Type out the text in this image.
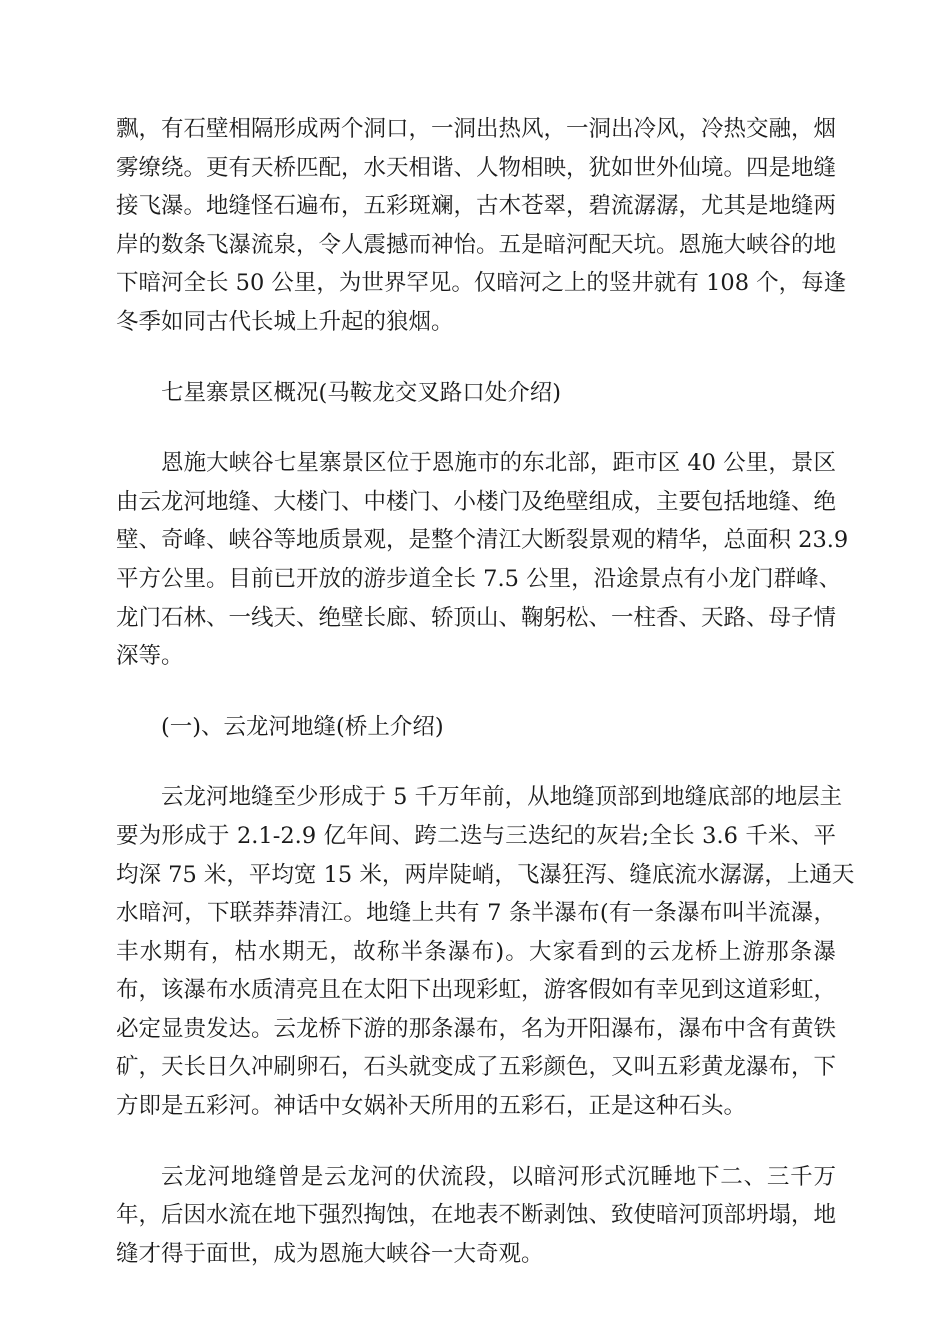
飘，有石壁相隔形成两个洞口，一洞出热风，一洞出冷风，冷热交融，烟
雾缭绕。更有天桥匹配，水天相谐、人物相映，犹如世外仙境。四是地缝
接飞瀑。地缝怪石遍布，五彩斑斓，古木苍翠，碧流潺潺，尤其是地缝两
岸的数条飞瀑流泉，令人震撼而神怡。五是暗河配天坑。恩施大峡谷的地
下暗河全长 50 公里，为世界罕见。仅暗河之上的竖井就有 108 个，每逢
冬季如同古代长城上升起的狼烟。

七星寨景区概况(马鞍龙交叉路口处介绍)

恩施大峡谷七星寨景区位于恩施市的东北部，距市区 40 公里，景区
由云龙河地缝、大楼门、中楼门、小楼门及绝壁组成，主要包括地缝、绝
壁、奇峰、峡谷等地质景观，是整个清江大断裂景观的精华，总面积 23.9
平方公里。目前已开放的游步道全长 7.5 公里，沿途景点有小龙门群峰、
龙门石林、一线天、绝壁长廊、轿顶山、鞠躬松、一柱香、天路、母子情
深等。

(一)、云龙河地缝(桥上介绍)

云龙河地缝至少形成于 5 千万年前，从地缝顶部到地缝底部的地层主
要为形成于 2.1-2.9 亿年间、跨二迭与三迭纪的灰岩;全长 3.6 千米、平
均深 75 米，平均宽 15 米，两岸陡峭，飞瀑狂泻、缝底流水潺潺，上通天
水暗河，下联莽莽清江。地缝上共有 7 条半瀑布(有一条瀑布叫半流瀑，
丰水期有，枯水期无，故称半条瀑布)。大家看到的云龙桥上游那条瀑
布，该瀑布水质清亮且在太阳下出现彩虹，游客假如有幸见到这道彩虹，
必定显贵发达。云龙桥下游的那条瀑布，名为开阳瀑布，瀑布中含有黄铁
矿，天长日久冲刷卵石，石头就变成了五彩颜色，又叫五彩黄龙瀑布，下
方即是五彩河。神话中女娲补天所用的五彩石，正是这种石头。

云龙河地缝曾是云龙河的伏流段，以暗河形式沉睡地下二、三千万
年，后因水流在地下强烈掏蚀，在地表不断剥蚀、致使暗河顶部坍塌，地
缝才得于面世，成为恩施大峡谷一大奇观。
